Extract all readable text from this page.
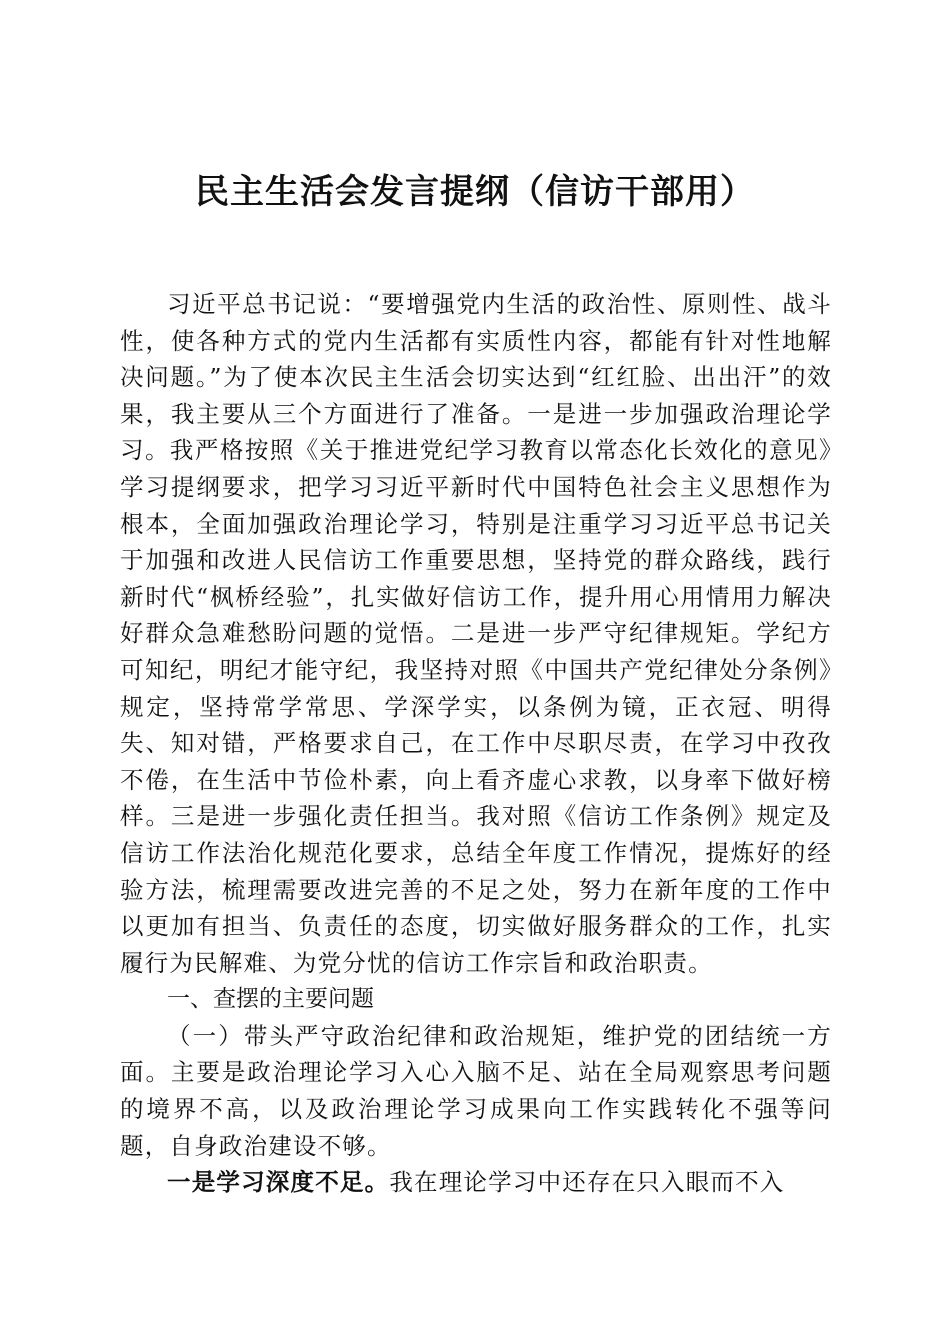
民主生活会发言提纲（信访干部用）

习近平总书记说：“要增强党内生活的政治性、原则性、战斗性，使各种方式的党内生活都有实质性内容，都能有针对性地解决问题。”为了使本次民主生活会切实达到“红红脸、出出汗”的效果，我主要从三个方面进行了准备。一是进一步加强政治理论学习。我严格按照《关于推进党纪学习教育以常态化长效化的意见》学习提纲要求，把学习习近平新时代中国特色社会主义思想作为根本，全面加强政治理论学习，特别是注重学习习近平总书记关于加强和改进人民信访工作重要思想，坚持党的群众路线，践行新时代“枫桥经验”，扎实做好信访工作，提升用心用情用力解决好群众急难愁盼问题的觉悟。二是进一步严守纪律规矩。学纪方可知纪，明纪才能守纪，我坚持对照《中国共产党纪律处分条例》规定，坚持常学常思、学深学实，以条例为镜，正衣冠、明得失、知对错，严格要求自己，在工作中尽职尽责，在学习中孜孜不倦，在生活中节俭朴素，向上看齐虚心求教，以身率下做好榜样。三是进一步强化责任担当。我对照《信访工作条例》规定及信访工作法治化规范化要求，总结全年度工作情况，提炼好的经验方法，梳理需要改进完善的不足之处，努力在新年度的工作中以更加有担当、负责任的态度，切实做好服务群众的工作，扎实履行为民解难、为党分忧的信访工作宗旨和政治职责。

一、查摆的主要问题

（一）带头严守政治纪律和政治规矩，维护党的团结统一方面。主要是政治理论学习入心入脑不足、站在全局观察思考问题的境界不高，以及政治理论学习成果向工作实践转化不强等问题，自身政治建设不够。

一是学习深度不足。我在理论学习中还存在只入眼而不入
